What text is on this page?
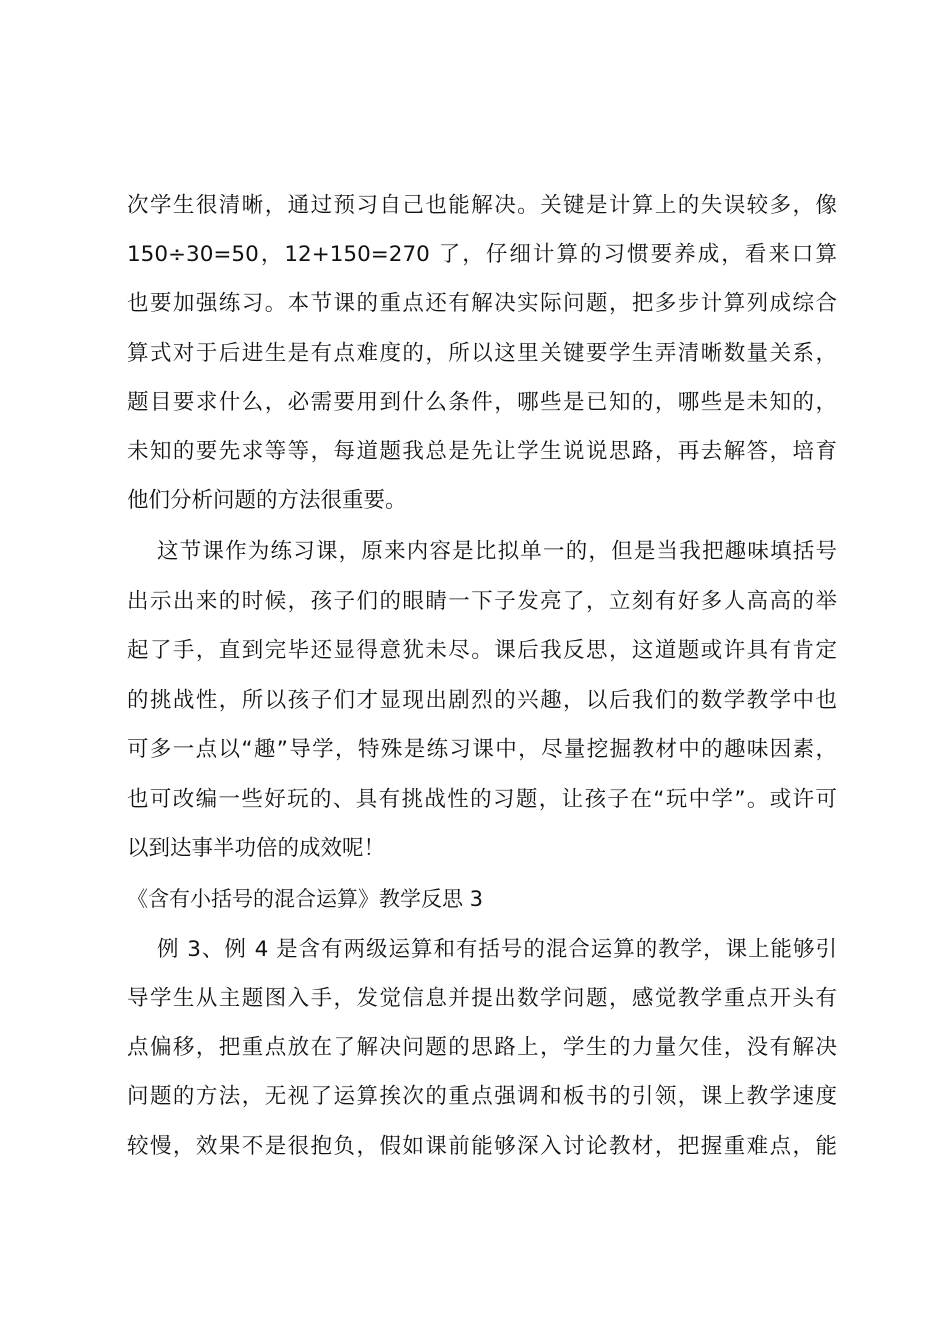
次学生很清晰，通过预习自己也能解决。关键是计算上的失误较多，像
150÷30=50，12+150=270 了，仔细计算的习惯要养成，看来口算
也要加强练习。本节课的重点还有解决实际问题，把多步计算列成综合
算式对于后进生是有点难度的，所以这里关键要学生弄清晰数量关系，
题目要求什么，必需要用到什么条件，哪些是已知的，哪些是未知的，
未知的要先求等等，每道题我总是先让学生说说思路，再去解答，培育
他们分析问题的方法很重要。
这节课作为练习课，原来内容是比拟单一的，但是当我把趣味填括号
出示出来的时候，孩子们的眼睛一下子发亮了，立刻有好多人高高的举
起了手，直到完毕还显得意犹未尽。课后我反思，这道题或许具有肯定
的挑战性，所以孩子们才显现出剧烈的兴趣，以后我们的数学教学中也
可多一点以“趣”导学，特殊是练习课中，尽量挖掘教材中的趣味因素，
也可改编一些好玩的、具有挑战性的习题，让孩子在“玩中学”。或许可
以到达事半功倍的成效呢！
《含有小括号的混合运算》教学反思 3
例 3、例 4 是含有两级运算和有括号的混合运算的教学，课上能够引
导学生从主题图入手，发觉信息并提出数学问题，感觉教学重点开头有
点偏移，把重点放在了解决问题的思路上，学生的力量欠佳，没有解决
问题的方法，无视了运算挨次的重点强调和板书的引领，课上教学速度
较慢，效果不是很抱负，假如课前能够深入讨论教材，把握重难点，能
